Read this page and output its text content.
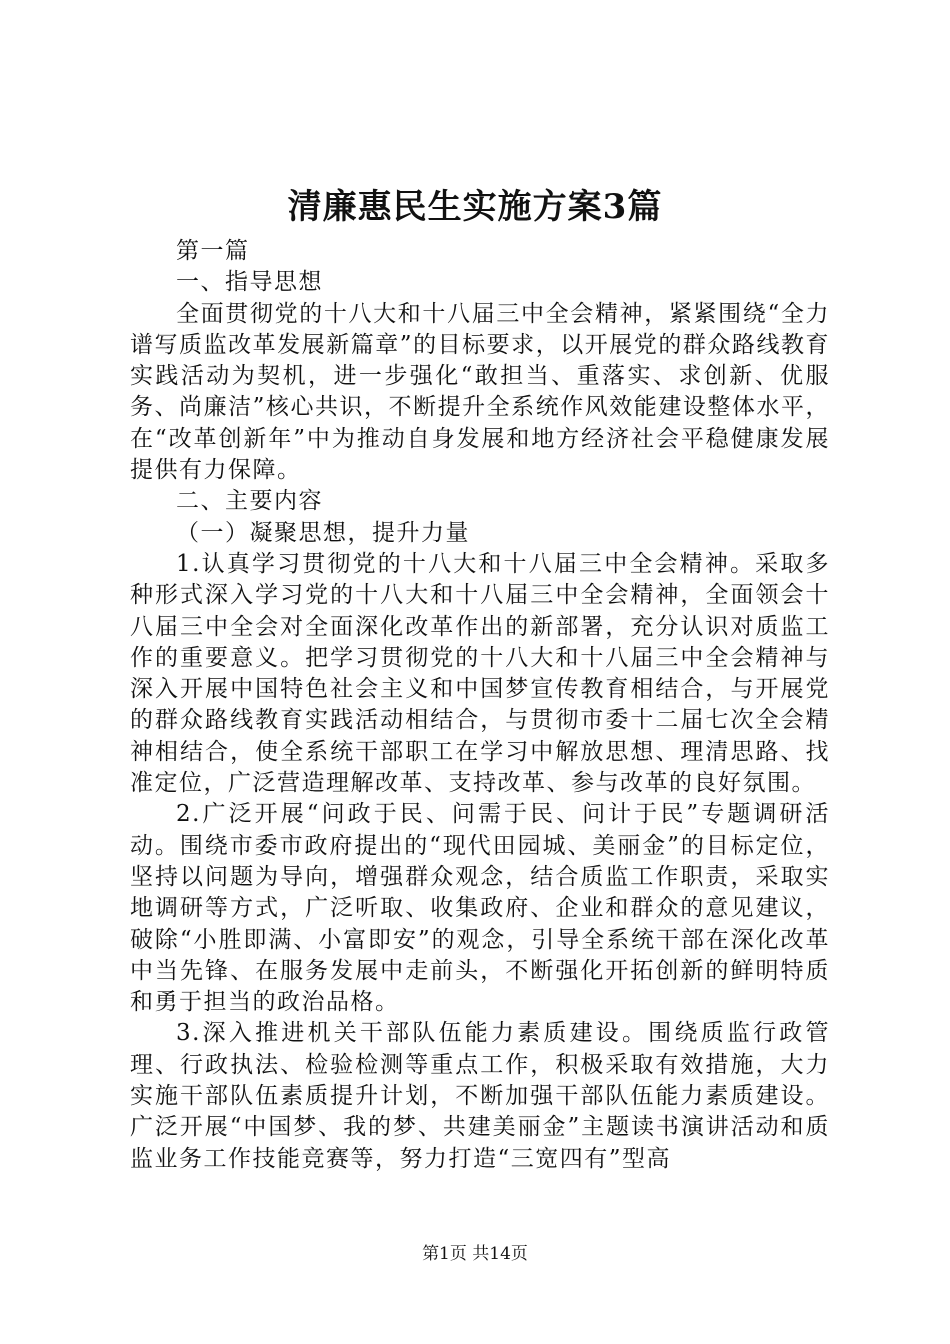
清廉惠民生实施方案3篇

第一篇

一、指导思想

全面贯彻党的十八大和十八届三中全会精神，紧紧围绕“全力谱写质监改革发展新篇章”的目标要求，以开展党的群众路线教育实践活动为契机，进一步强化“敢担当、重落实、求创新、优服务、尚廉洁”核心共识，不断提升全系统作风效能建设整体水平，在“改革创新年”中为推动自身发展和地方经济社会平稳健康发展提供有力保障。

二、主要内容

（一）凝聚思想，提升力量

1.认真学习贯彻党的十八大和十八届三中全会精神。采取多种形式深入学习党的十八大和十八届三中全会精神，全面领会十八届三中全会对全面深化改革作出的新部署，充分认识对质监工作的重要意义。把学习贯彻党的十八大和十八届三中全会精神与深入开展中国特色社会主义和中国梦宣传教育相结合，与开展党的群众路线教育实践活动相结合，与贯彻市委十二届七次全会精神相结合，使全系统干部职工在学习中解放思想、理清思路、找准定位，广泛营造理解改革、支持改革、参与改革的良好氛围。

2.广泛开展“问政于民、问需于民、问计于民”专题调研活动。围绕市委市政府提出的“现代田园城、美丽金”的目标定位，坚持以问题为导向，增强群众观念，结合质监工作职责，采取实地调研等方式，广泛听取、收集政府、企业和群众的意见建议，破除“小胜即满、小富即安”的观念，引导全系统干部在深化改革中当先锋、在服务发展中走前头，不断强化开拓创新的鲜明特质和勇于担当的政治品格。

3.深入推进机关干部队伍能力素质建设。围绕质监行政管理、行政执法、检验检测等重点工作，积极采取有效措施，大力实施干部队伍素质提升计划，不断加强干部队伍能力素质建设。广泛开展“中国梦、我的梦、共建美丽金”主题读书演讲活动和质监业务工作技能竞赛等，努力打造“三宽四有”型高

第1页 共14页
